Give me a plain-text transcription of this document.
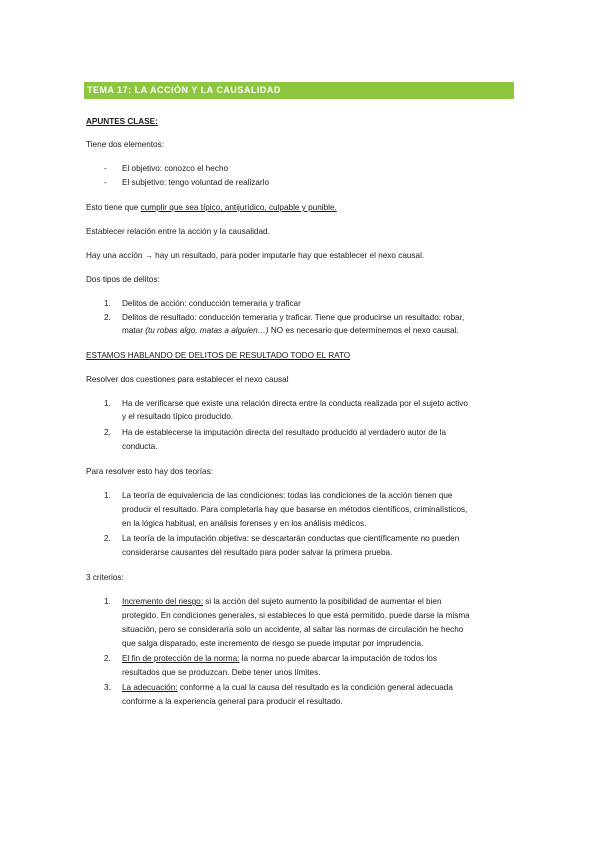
TEMA 17: LA ACCIÓN Y LA CAUSALIDAD
APUNTES CLASE:
Tiene dos elementos:
- El objetivo: conozco el hecho
- El subjetivo: tengo voluntad de realizarlo
Esto tiene que cumplir que sea típico, antijurídico, culpable y punible.
Establecer relación entre la acción y la causalidad.
Hay una acción → hay un resultado, para poder imputarle hay que establecer el nexo causal.
Dos tipos de delitos:
1. Delitos de acción: conducción temeraria y traficar
2. Delitos de resultado: conducción temeraria y traficar. Tiene que producirse un resultado: robar,
matar (tu robas algo, matas a alguien…) NO es necesario que determinemos el nexo causal.
ESTAMOS HABLANDO DE DELITOS DE RESULTADO TODO EL RATO
Resolver dos cuestiones para establecer el nexo causal
1. Ha de verificarse que existe una relación directa entre la conducta realizada por el sujeto activo
y el resultado típico producido.
2. Ha de establecerse la imputación directa del resultado producido al verdadero autor de la
conducta.
Para resolver esto hay dos teorías:
1. La teoría de equivalencia de las condiciones: todas las condiciones de la acción tienen que
producir el resultado. Para completarla hay que basarse en métodos científicos, criminalísticos,
en la lógica habitual, en análisis forenses y en los análisis médicos.
2. La teoría de la imputación objetiva: se descartarán conductas que científicamente no pueden
considerarse causantes del resultado para poder salvar la primera prueba.
3 criterios:
1. Incremento del riesgo: si la acción del sujeto aumento la posibilidad de aumentar el bien
protegido. En condiciones generales, si estableces lo que está permitido, puede darse la misma
situación, pero se consideraría solo un accidente, al saltar las normas de circulación he hecho
que salga disparado, este incremento de riesgo se puede imputar por imprudencia.
2. El fin de protección de la norma: la norma no puede abarcar la imputación de todos los
resultados que se produzcan. Debe tener unos límites.
3. La adecuación: conforme a la cual la causa del resultado es la condición general adecuada
conforme a la experiencia general para producir el resultado.
